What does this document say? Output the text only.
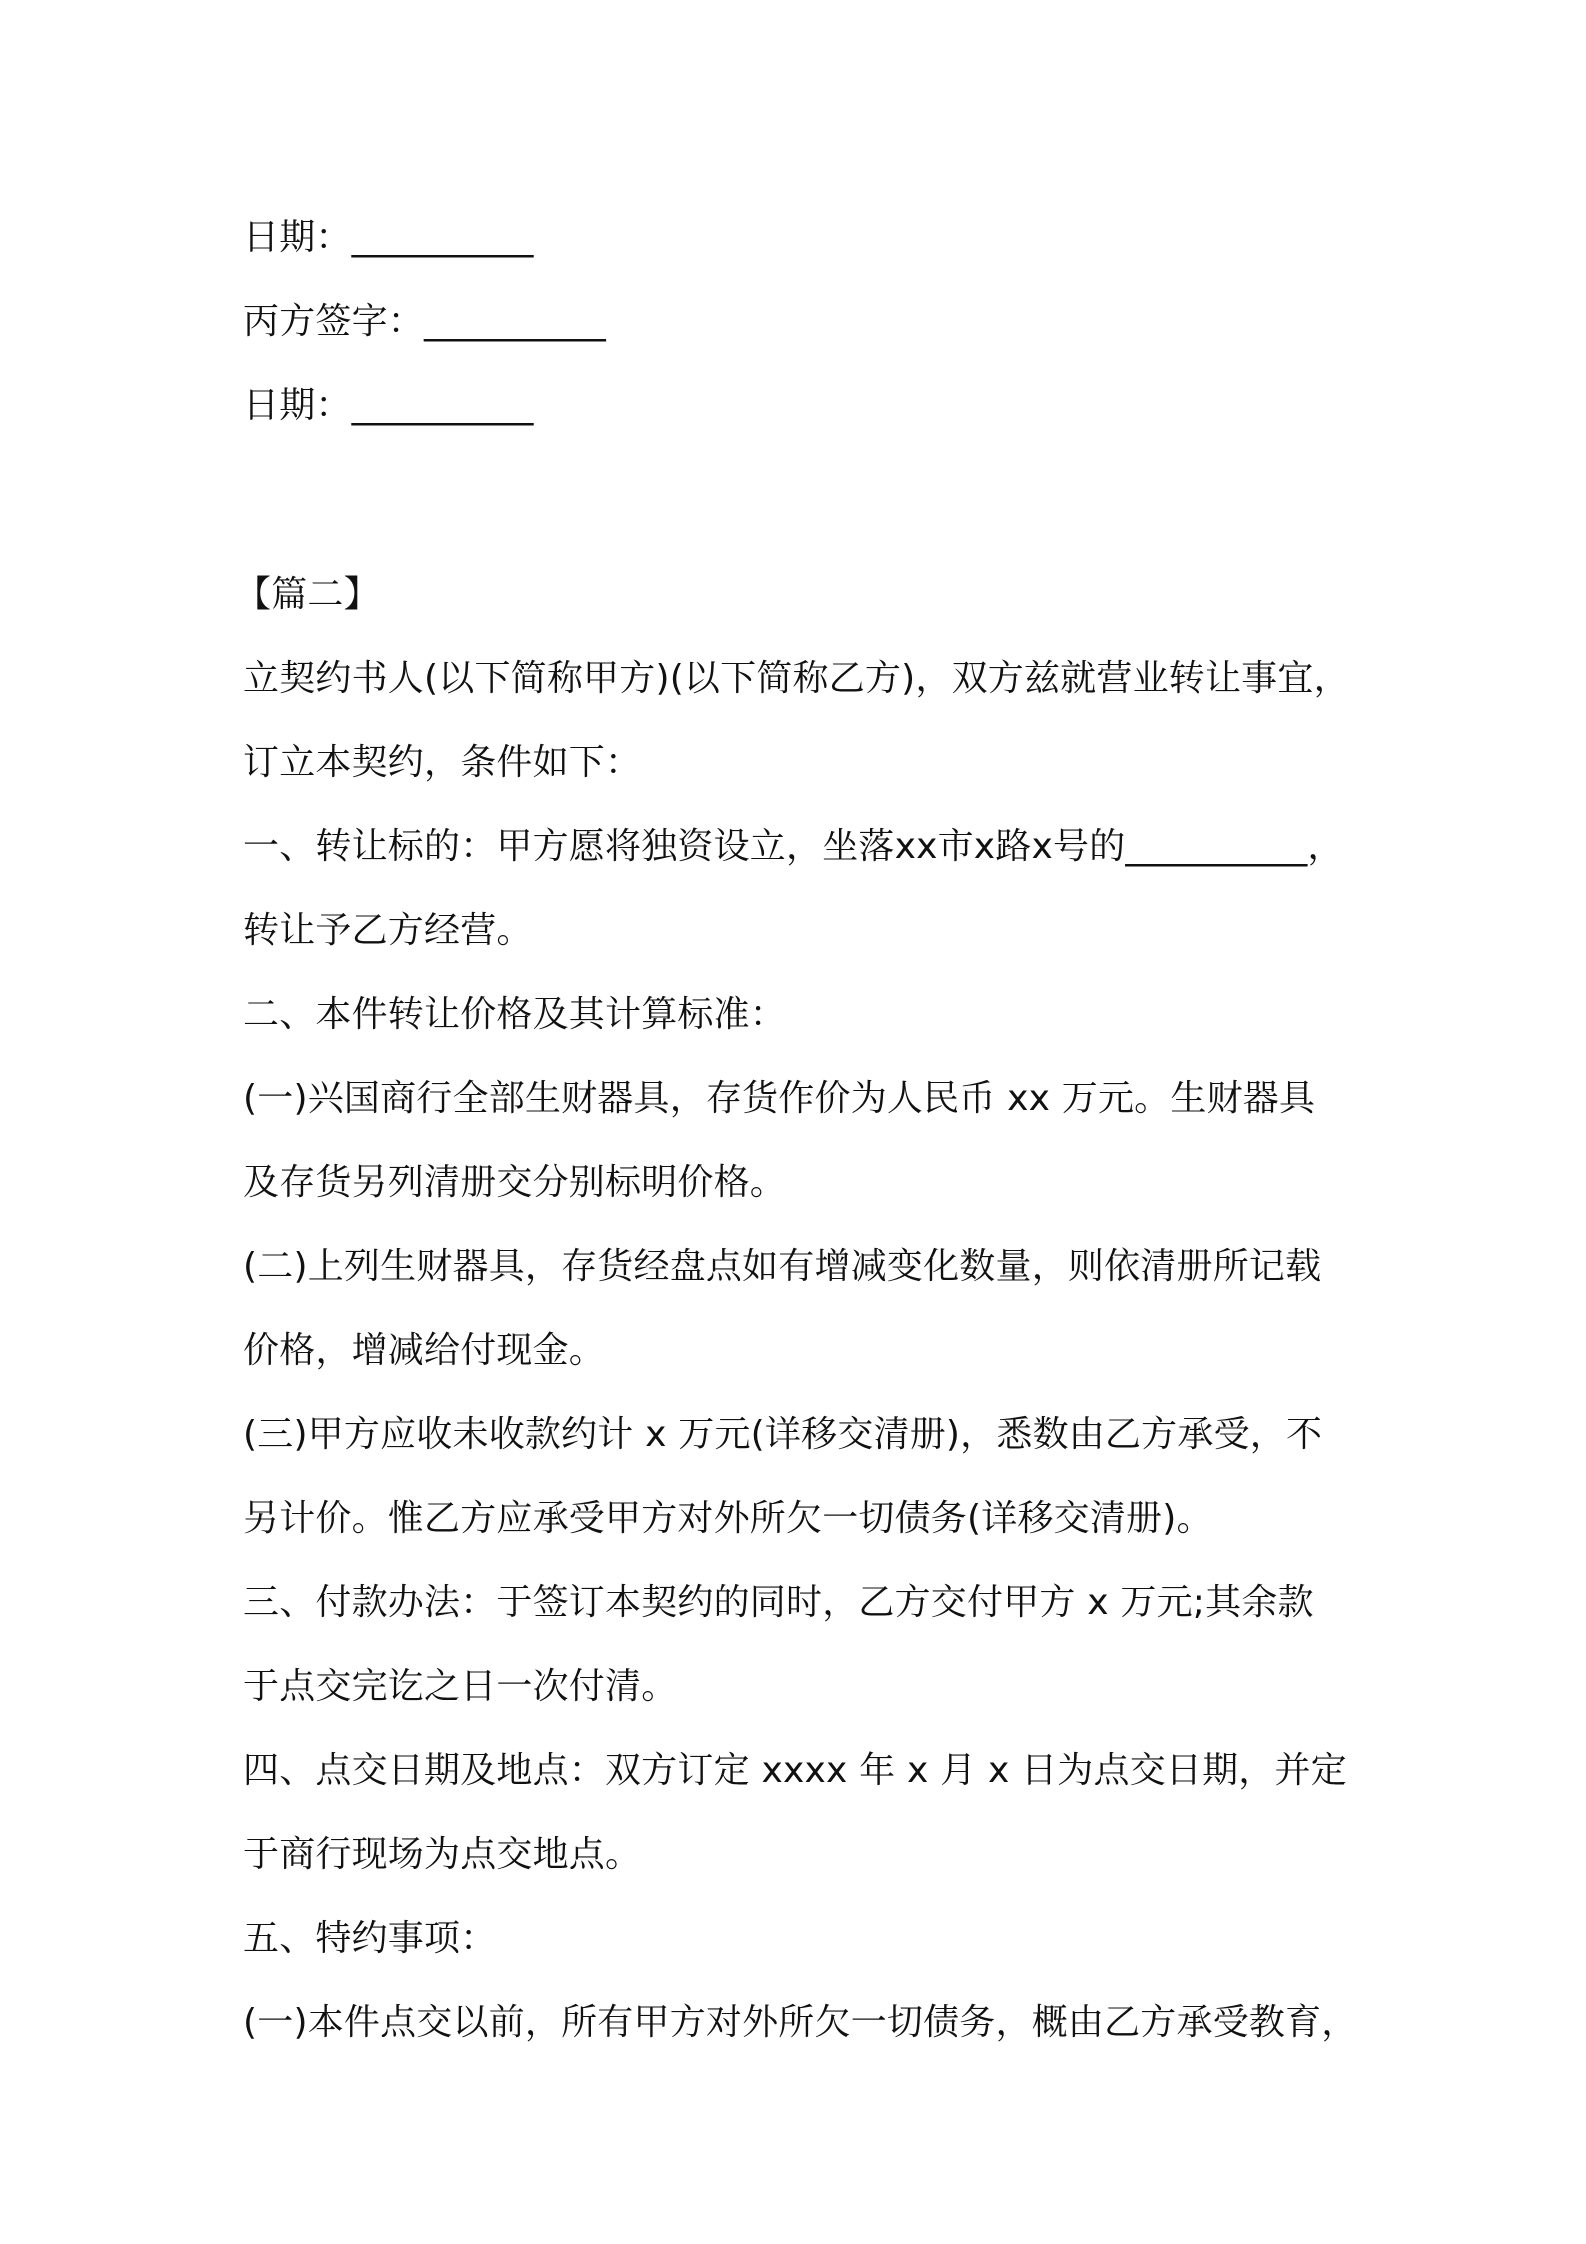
日期：__________
丙方签字：__________
日期：__________
【篇二】
立契约书人(以下简称甲方)(以下简称乙方)，双方兹就营业转让事宜，
订立本契约，条件如下：
一、转让标的：甲方愿将独资设立，坐落xx市x路x号的__________，
转让予乙方经营。
二、本件转让价格及其计算标准：
(一)兴国商行全部生财器具，存货作价为人民币 xx 万元。生财器具
及存货另列清册交分别标明价格。
(二)上列生财器具，存货经盘点如有增减变化数量，则依清册所记载
价格，增减给付现金。
(三)甲方应收未收款约计 x 万元(详移交清册)，悉数由乙方承受，不
另计价。惟乙方应承受甲方对外所欠一切债务(详移交清册)。
三、付款办法：于签订本契约的同时，乙方交付甲方 x 万元;其余款
于点交完讫之日一次付清。
四、点交日期及地点：双方订定 xxxx 年 x 月 x 日为点交日期，并定
于商行现场为点交地点。
五、特约事项：
(一)本件点交以前，所有甲方对外所欠一切债务，概由乙方承受教育，
